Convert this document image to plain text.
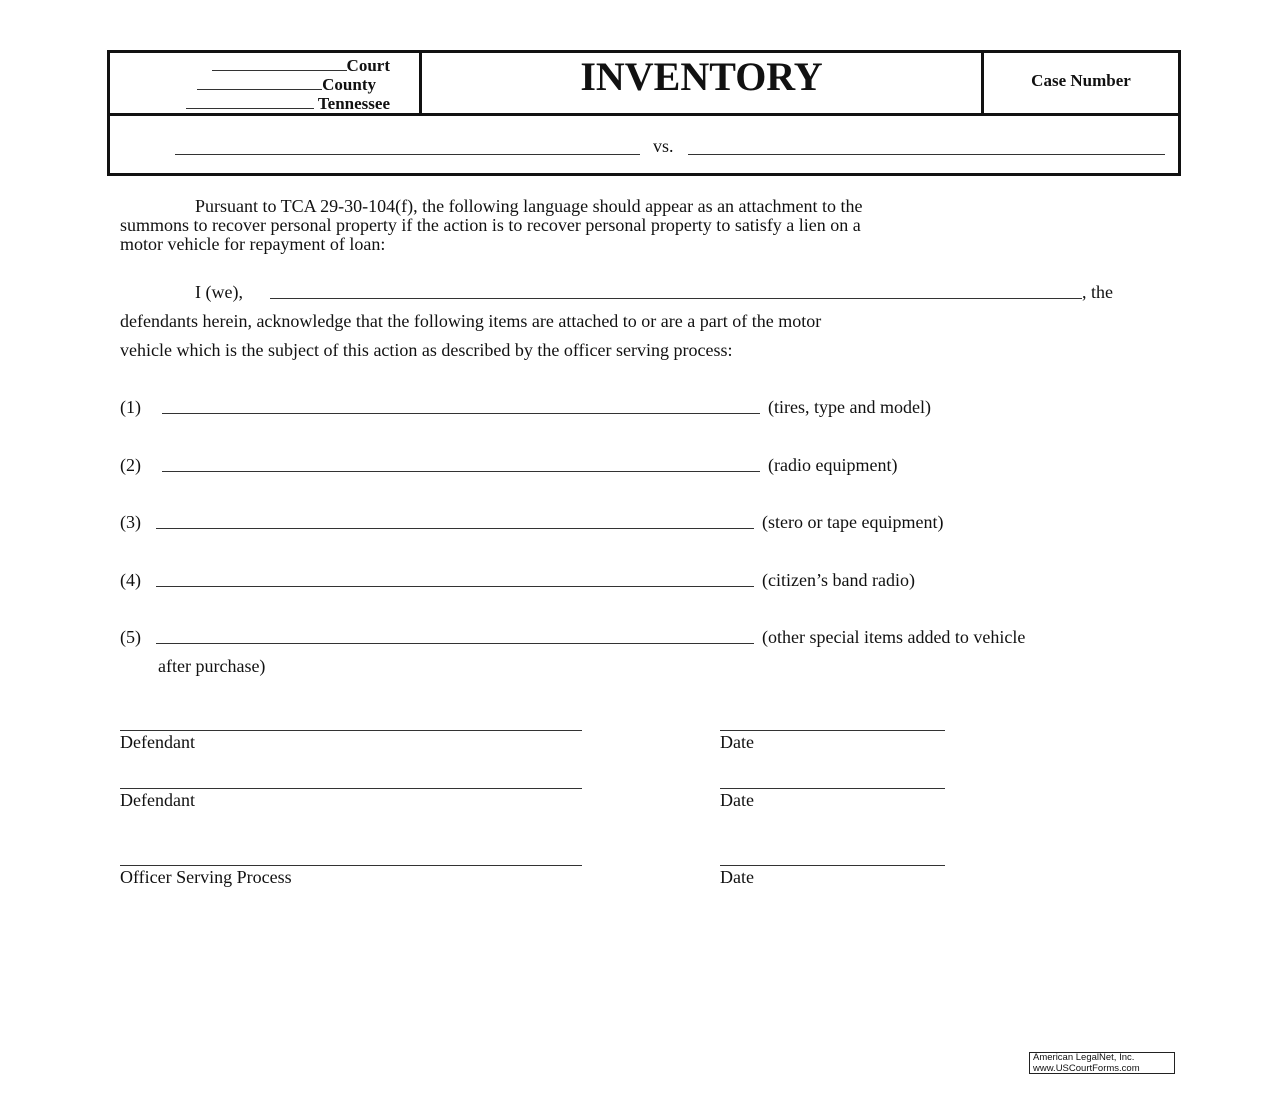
Court
County
Tennessee
INVENTORY	Case Number
vs.
Pursuant to TCA 29-30-104(f), the following language should appear as an attachment to the
summons to recover personal property if the action is to recover personal property to satisfy a lien on a
motor vehicle for repayment of loan:
I (we),	, the
defendants herein, acknowledge that the following items are attached to or are a part of the motor
vehicle which is the subject of this action as described by the officer serving process:
(1)	(tires, type and model)
(2)	(radio equipment)
(3)	(stero or tape equipment)
(4)	(citizen’s band radio)
(5)	(other special items added to vehicle
after purchase)
Defendant	Date
Defendant	Date
Officer Serving Process	Date
American LegalNet, Inc.
www.USCourtForms.com
